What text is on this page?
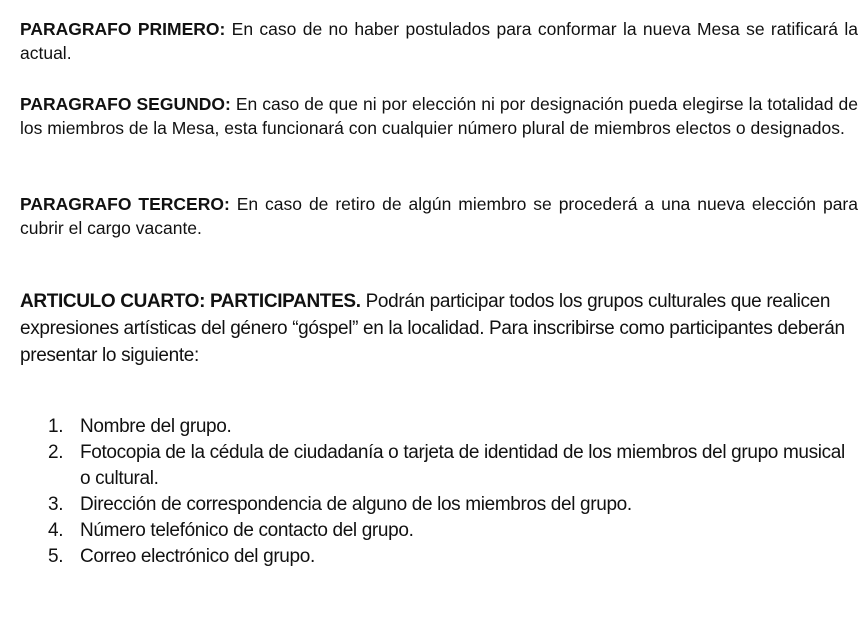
PARAGRAFO PRIMERO: En caso de no haber postulados para conformar la nueva Mesa se ratificará la actual.

PARAGRAFO SEGUNDO: En caso de que ni por elección ni por designación pueda elegirse la totalidad de los miembros de la Mesa, esta funcionará con cualquier número plural de miembros electos o designados.

PARAGRAFO TERCERO: En caso de retiro de algún miembro se procederá a una nueva elección para cubrir el cargo vacante.

ARTICULO CUARTO: PARTICIPANTES. Podrán participar todos los grupos culturales que realicen expresiones artísticas del género “góspel” en la localidad. Para inscribirse como participantes deberán presentar lo siguiente:

1. Nombre del grupo.
2. Fotocopia de la cédula de ciudadanía o tarjeta de identidad de los miembros del grupo musical o cultural.
3. Dirección de correspondencia de alguno de los miembros del grupo.
4. Número telefónico de contacto del grupo.
5. Correo electrónico del grupo.
